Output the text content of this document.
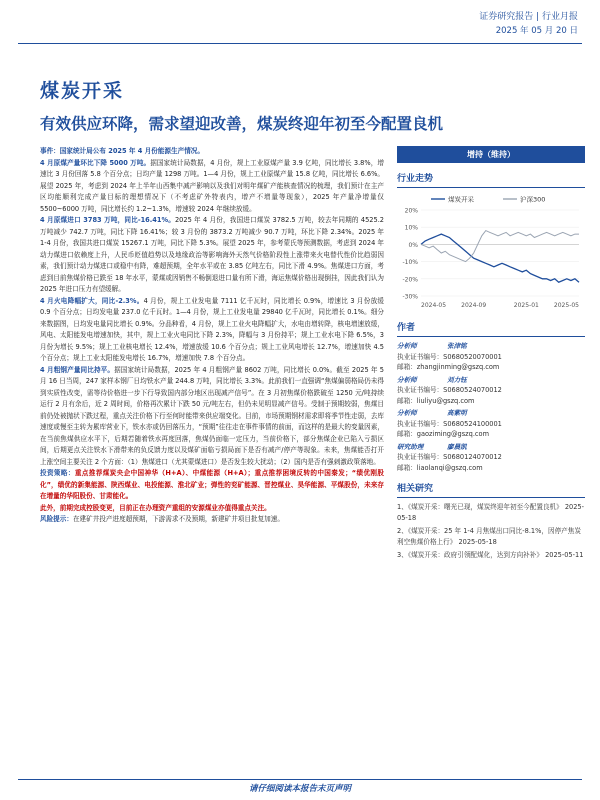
证券研究报告 | 行业月报
2025 年 05 月 20 日
煤炭开采
有效供应环降，需求望迎改善，煤炭终迎年初至今配置良机

事件：国家统计局公布 2025 年 4 月份能源生产情况。

4 月原煤产量环比下降 5000 万吨。据国家统计局数据，4 月份，规上工业原煤产量 3.9 亿吨，同比增长 3.8%，增速比 3 月份回落 5.8 个百分点；日均产量 1298 万吨。1—4 月份，规上工业原煤产量 15.8 亿吨，同比增长 6.6%。展望 2025 年，考虑到 2024 年上半年山西集中减产影响以及我们对明年煤矿产能核查情况的梳理，我们预计在主产区均能顺利完成产量目标的理想情况下（不考虑矿外特表内，增产不增量等现象），2025 年产量净增量仅 5500~6000 万吨，同比增长约 1.2~1.3%，增速较 2024 年继续放缓。

4 月原煤进口 3783 万吨，同比-16.41%。2025 年 4 月份，我国进口煤炭 3782.5 万吨，较去年同期的 4525.2 万吨减少 742.7 万吨，同比下降 16.41%；较 3 月份的 3873.2 万吨减少 90.7 万吨，环比下降 2.34%。2025 年 1-4 月份，我国共进口煤炭 15267.1 万吨，同比下降 5.3%。展望 2025 年，参考蒙氏等预测数据，考虑到 2024 年动力煤进口依赖度上升，人民币贬值趋势以及地缘政治等影响海外天然气价格阶段性上涨带来火电替代性价比趋弱因素，我们预计动力煤进口或稳中有降，难超预期，全年水平或在 3.85 亿吨左右，同比下滑 4.9%。焦煤进口方面，考虑到目前焦煤价格已跌至 18 年水平，蒙煤或因销售不畅倒退进口量有所下滑，海运焦煤价格出现倒挂，因此我们认为 2025 年进口压力有望缓解。

4 月火电降幅扩大，同比-2.3%。4 月份，规上工业发电量 7111 亿千瓦时，同比增长 0.9%，增速比 3 月份放缓 0.9 个百分点；日均发电量 237.0 亿千瓦时。1—4 月份，规上工业发电量 29840 亿千瓦时，同比增长 0.1%。细分来数据图，日均发电量同比增长 0.9%。分品种看，4 月份，规上工业火电降幅扩大，水电由增转降，核电增速放缓，风电、太阳能发电增速加快，其中，规上工业火电同比下降 2.3%，降幅与 3 月份持平；规上工业水电下降 6.5%，3 月份为增长 9.5%；规上工业核电增长 12.4%，增速放缓 10.6 个百分点；规上工业风电增长 12.7%，增速加快 4.5 个百分点；规上工业太阳能发电增长 16.7%，增速加快 7.8 个百分点。

4 月粗钢产量同比持平。据国家统计局数据，2025 年 4 月粗钢产量 8602 万吨，同比增长 0.0%。截至 2025 年 5 月 16 日当周，247 家样本钢厂日均铁水产量 244.8 万吨，同比增长 3.3%。此前我们一直强调“焦煤偏弱格局仍未得到实质性改变，需等待价格进一步下行导致国内部分地区出现减产信号”。在 3 月初焦煤价格跌破至 1250 元/吨持续运行 2 月有余后，近 2 周时间，价格再次累计下跌 50 元/吨左右，但仍未见明显减产信号。受制于预期较弱，焦煤目前仍处被抛状下跌过程，重点关注价格下行至何时能带来供应端变化。目前，市场预期钢材需求即将季节性走弱，去库速度或慢至主转为累库营业下，铁水亦或仍回落压力，“预期”往往走在事件事情的前面，而这样的是最大的变量因素，在当前焦煤供应水平下，后期若随着铁水再度回落，焦煤仍面临一定压力，当前价格下，部分焦煤企业已陷入亏损区间，后期更点关注铁水下滑带来的负反馈力度以及煤矿面临亏损局面下是否有减产/停产等现象。未来，焦煤能否打开上涨空间主要关注 2 个方面：（1）焦煤进口（尤其蒙煤进口）是否发生较大扰动；（2）国内是否有强刺激政策落地。

投资策略：重点推荐煤炭央企中国神华（H+A）、中煤能源（H+A）；重点推荐困境反转的中国秦发；“绩优刚股化”，绩优的新集能源、陕西煤业、电投能源、淮北矿业；弹性的兖矿能源、晋控煤业、昊华能源、平煤股份，未来存在增量的华阳股份、甘肃能化。

此外，前期完成控股变更，目前正在办理资产重组的安源煤业亦值得重点关注。

风险提示：在建矿井投产进度超预期，下游需求不及预期，新建矿井项目批复加速。

增持（维持）
行业走势
20%
10%
0%
-10%
-20%
-30%
2024-05	2024-09	2025-01	2025-05
煤炭开采	沪深300
作者
分析师	张津铭
执业证书编号：S0680520070001
邮箱：zhangjinming@gszq.com
分析师	刘力钰
执业证书编号：S0680524070012
邮箱：liuliyu@gszq.com
分析师	高紫明
执业证书编号：S0680524100001
邮箱：gaoziming@gszq.com
研究助理	廖晨凯
执业证书编号：S0680124070012
邮箱：liaolanqi@gszq.com
相关研究
1、《煤炭开采：曙光已现，煤炭终迎年初至今配置良机》 2025-05-18
2、《煤炭开采：25 年 1-4 月焦煤出口同比-8.1%，因停产焦炭利空焦煤价格上行》 2025-05-18
3、《煤炭开采：政府引领配煤化，达到方向补补》 2025-05-11
请仔细阅读本报告末页声明
